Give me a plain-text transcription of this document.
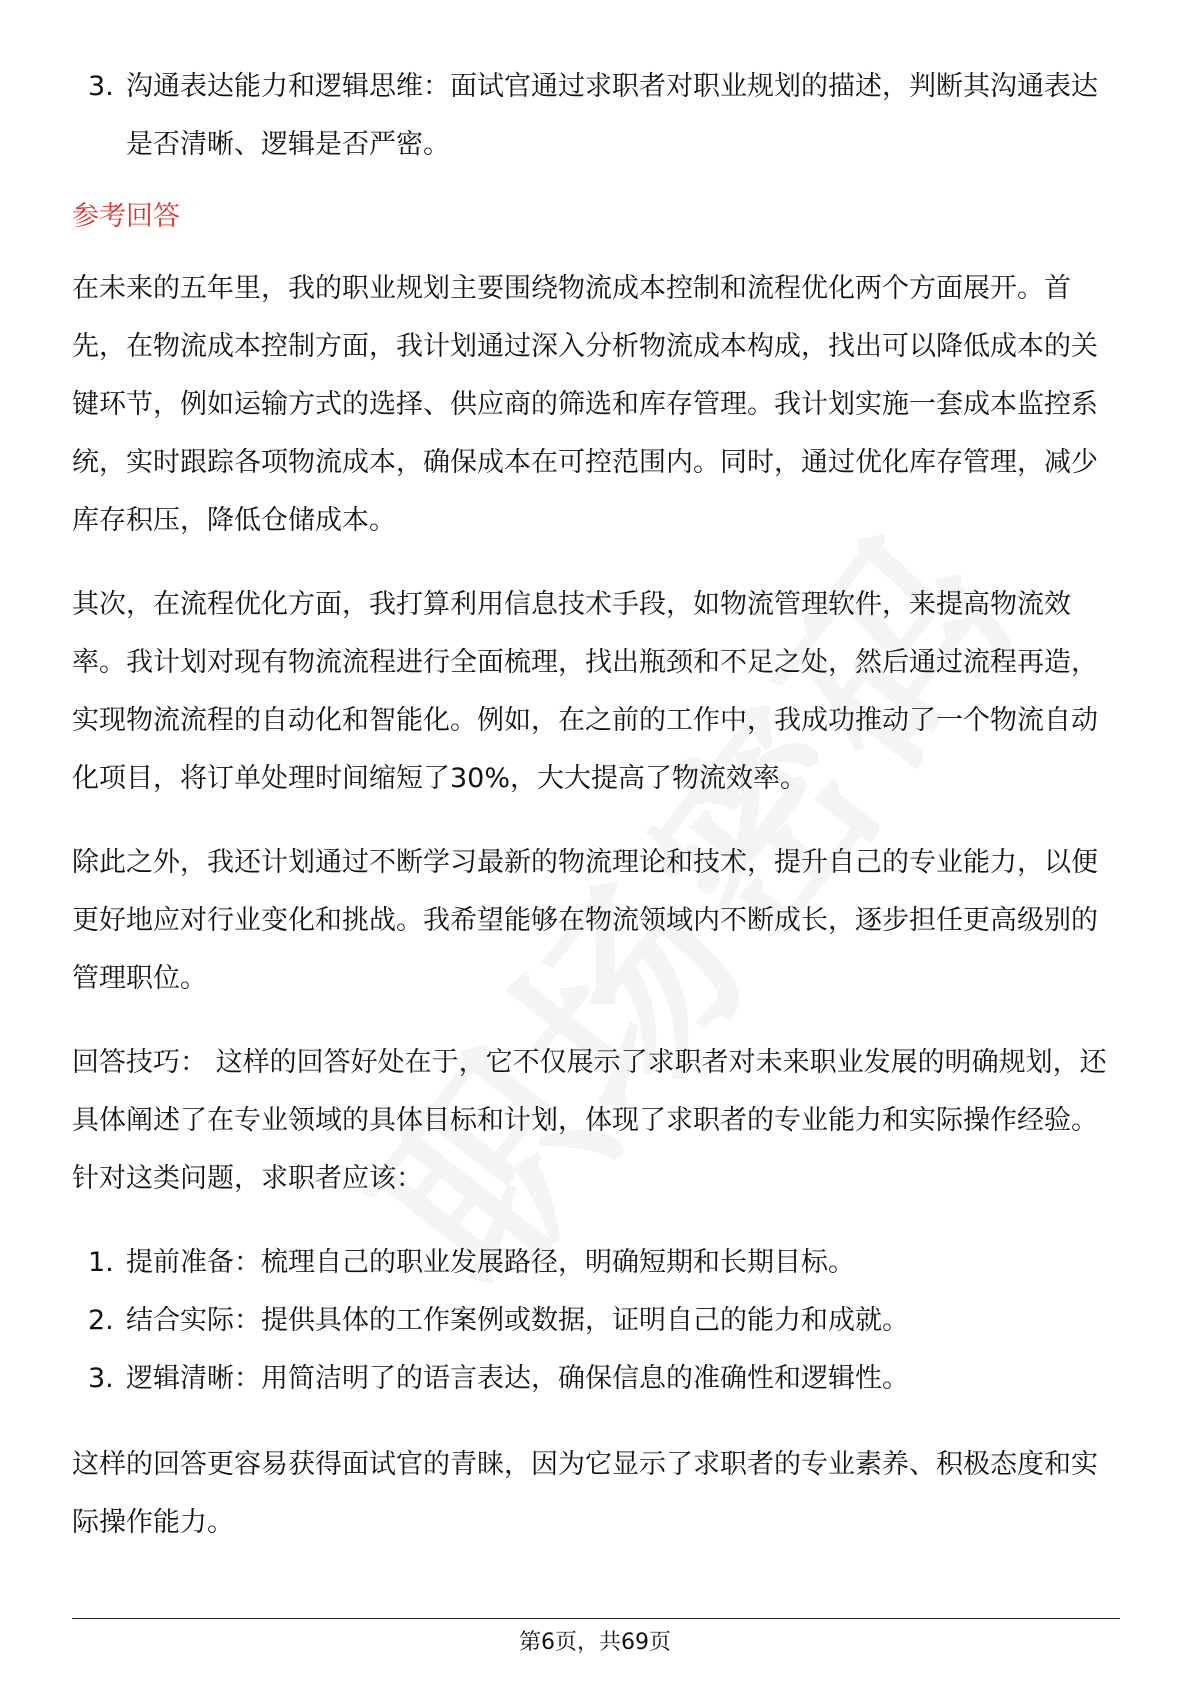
3. 沟通表达能力和逻辑思维：面试官通过求职者对职业规划的描述，判断其沟通表达是否清晰、逻辑是否严密。
参考回答

在未来的五年里，我的职业规划主要围绕物流成本控制和流程优化两个方面展开。首先，在物流成本控制方面，我计划通过深入分析物流成本构成，找出可以降低成本的关键环节，例如运输方式的选择、供应商的筛选和库存管理。我计划实施一套成本监控系统，实时跟踪各项物流成本，确保成本在可控范围内。同时，通过优化库存管理，减少库存积压，降低仓储成本。

其次，在流程优化方面，我打算利用信息技术手段，如物流管理软件，来提高物流效率。我计划对现有物流流程进行全面梳理，找出瓶颈和不足之处，然后通过流程再造，实现物流流程的自动化和智能化。例如，在之前的工作中，我成功推动了一个物流自动化项目，将订单处理时间缩短了30%，大大提高了物流效率。

除此之外，我还计划通过不断学习最新的物流理论和技术，提升自己的专业能力，以便更好地应对行业变化和挑战。我希望能够在物流领域内不断成长，逐步担任更高级别的管理职位。

回答技巧： 这样的回答好处在于，它不仅展示了求职者对未来职业发展的明确规划，还具体阐述了在专业领域的具体目标和计划，体现了求职者的专业能力和实际操作经验。针对这类问题，求职者应该：

1. 提前准备：梳理自己的职业发展路径，明确短期和长期目标。
2. 结合实际：提供具体的工作案例或数据，证明自己的能力和成就。
3. 逻辑清晰：用简洁明了的语言表达，确保信息的准确性和逻辑性。

这样的回答更容易获得面试官的青睐，因为它显示了求职者的专业素养、积极态度和实际操作能力。

第6页，共69页
